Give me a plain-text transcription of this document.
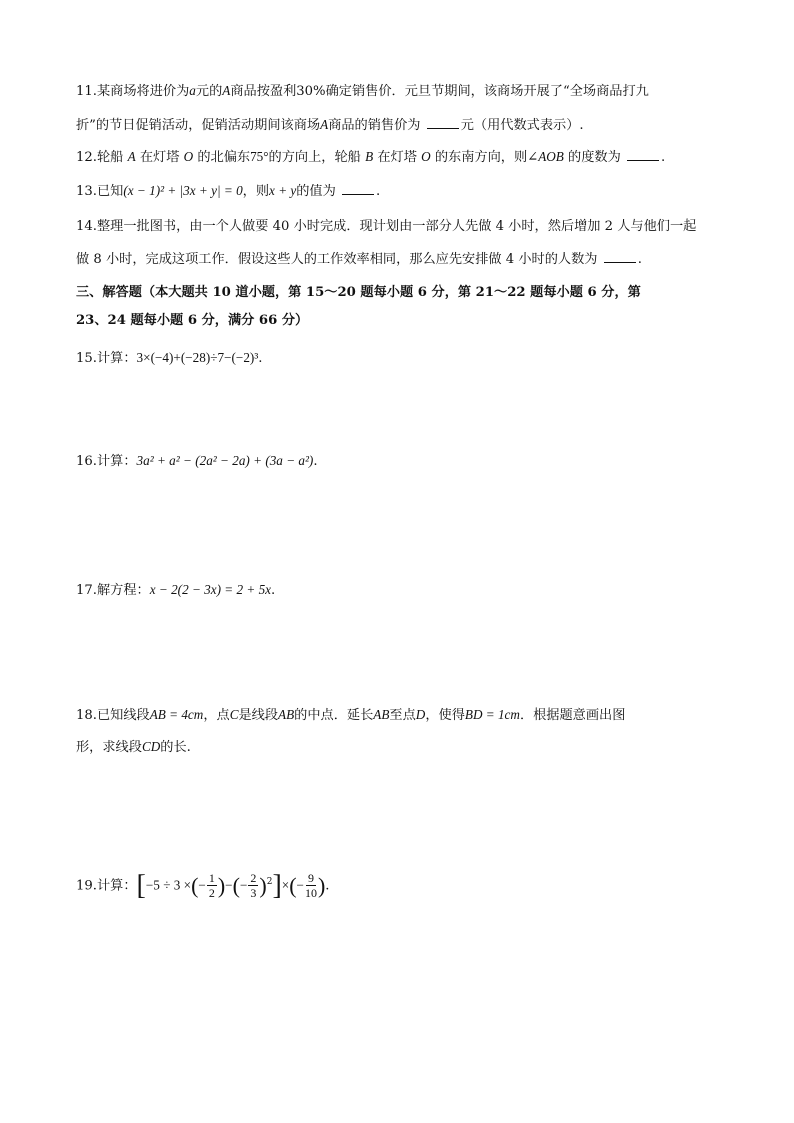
11.某商场将进价为a元的A商品按盈利30%确定销售价．元旦节期间，该商场开展了“全场商品打九
折”的节日促销活动，促销活动期间该商场A商品的销售价为	元（用代数式表示）.
12.轮船 A 在灯塔 O 的北偏东75°的方向上，轮船 B 在灯塔 O 的东南方向，则∠AOB 的度数为	.
13.已知(x − 1)² + |3x + y| = 0，则x + y的值为	.
14.整理一批图书，由一个人做要 40 小时完成．现计划由一部分人先做 4 小时，然后增加 2 人与他们一起
做 8 小时，完成这项工作．假设这些人的工作效率相同，那么应先安排做 4 小时的人数为	.
三、解答题（本大题共 10 道小题，第 15～20 题每小题 6 分，第 21～22 题每小题 6 分，第
23、24 题每小题 6 分，满分 66 分）
15.计算：3×(−4)+(−28)÷7−(−2)³.
16.计算：3a² + a² − (2a² − 2a) + (3a − a²).
17.解方程：x − 2(2 − 3x) = 2 + 5x.
18.已知线段AB = 4cm，点C是线段AB的中点．延长AB至点D，使得BD = 1cm．根据题意画出图
形，求线段CD的长.
19.计算：[−5 ÷ 3 ×(− $\frac{1}{2}$ )−(− $\frac{2}{3} )^2]\times(- \frac{9}{10}$ ).
